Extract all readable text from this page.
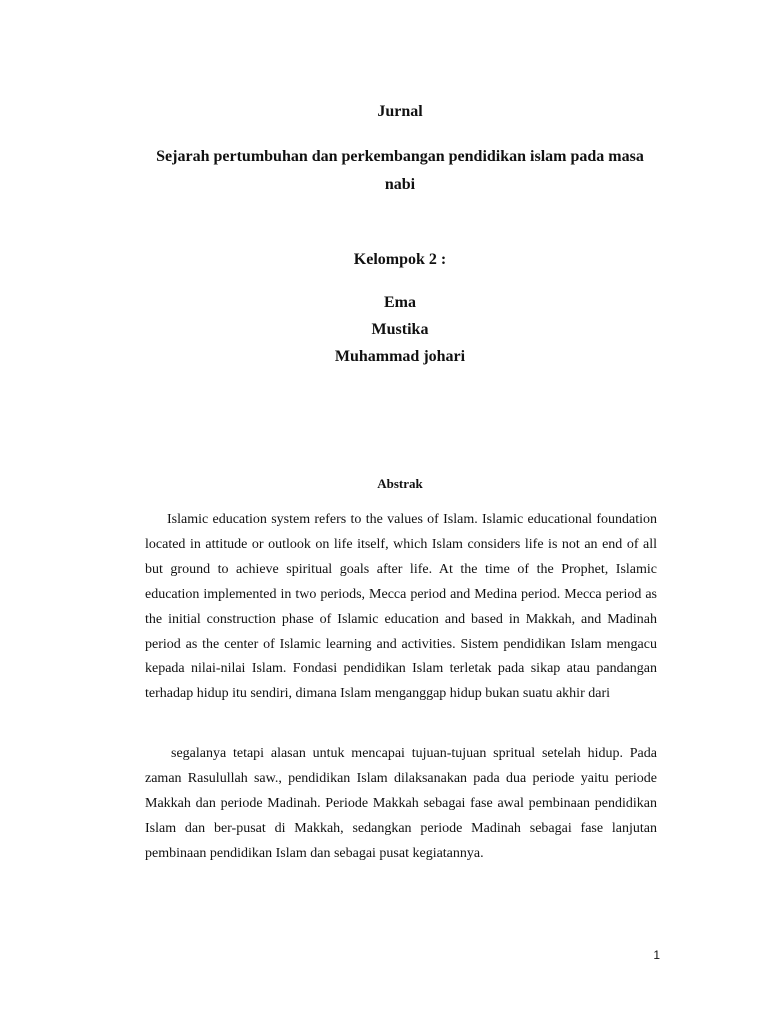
Jurnal
Sejarah pertumbuhan dan perkembangan pendidikan islam pada masa nabi
Kelompok 2 :
Ema
Mustika
Muhammad johari
Abstrak

Islamic education system refers to the values of Islam. Islamic educational foundation located in attitude or outlook on life itself, which Islam considers life is not an end of all but ground to achieve spiritual goals after life. At the time of the Prophet, Islamic education implemented in two periods, Mecca period and Medina period. Mecca period as the initial construction phase of Islamic education and based in Makkah, and Madinah period as the center of Islamic learning and activities. Sistem pendidikan Islam mengacu kepada nilai-nilai Islam. Fondasi pendidikan Islam terletak pada sikap atau pandangan terhadap hidup itu sendiri, dimana Islam menganggap hidup bukan suatu akhir dari

segalanya tetapi alasan untuk mencapai tujuan-tujuan spritual setelah hidup. Pada zaman Rasulullah saw., pendidikan Islam dilaksanakan pada dua periode yaitu periode Makkah dan periode Madinah. Periode Makkah sebagai fase awal pembinaan pendidikan Islam dan ber-pusat di Makkah, sedangkan periode Madinah sebagai fase lanjutan pembinaan pendidikan Islam dan sebagai pusat kegiatannya.

1
